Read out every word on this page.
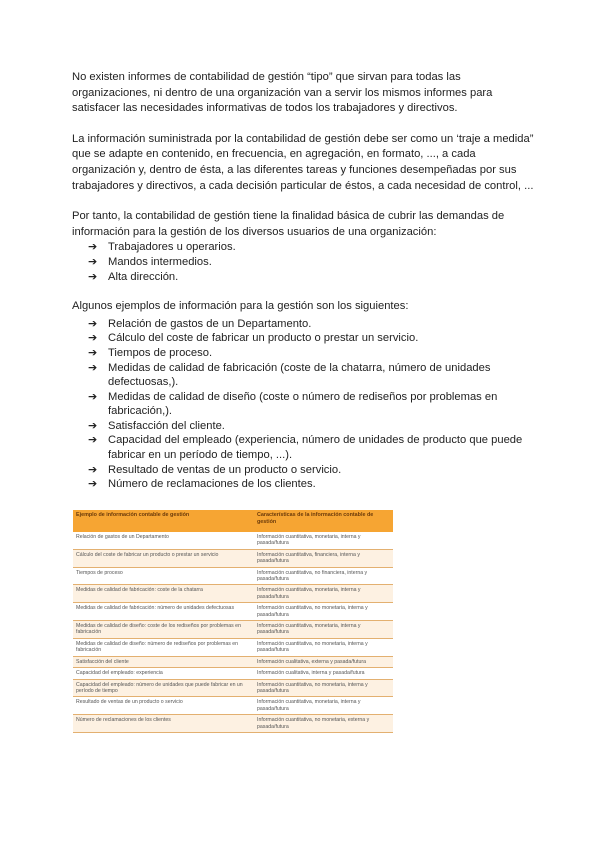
No existen informes de contabilidad de gestión “tipo” que sirvan para todas las organizaciones, ni dentro de una organización van a servir los mismos informes para satisfacer las necesidades informativas de todos los trabajadores y directivos.

La información suministrada por la contabilidad de gestión debe ser como un ‘traje a medida” que se adapte en contenido, en frecuencia, en agregación, en formato, ..., a cada organización y, dentro de ésta, a las diferentes tareas y funciones desempeñadas por sus trabajadores y directivos, a cada decisión particular de éstos, a cada necesidad de control, ...

Por tanto, la contabilidad de gestión tiene la finalidad básica de cubrir las demandas de información para la gestión de los diversos usuarios de una organización:

➔ Trabajadores u operarios.
➔ Mandos intermedios.
➔ Alta dirección.

Algunos ejemplos de información para la gestión son los siguientes:

➔ Relación de gastos de un Departamento.
➔ Cálculo del coste de fabricar un producto o prestar un servicio.
➔ Tiempos de proceso.
➔ Medidas de calidad de fabricación (coste de la chatarra, número de unidades defectuosas,).
➔ Medidas de calidad de diseño (coste o número de rediseños por problemas en fabricación,).
➔ Satisfacción del cliente.
➔ Capacidad del empleado (experiencia, número de unidades de producto que puede fabricar en un período de tiempo, ...).
➔ Resultado de ventas de un producto o servicio.
➔ Número de reclamaciones de los clientes.
Ejemplo de información contable de gestión	Características de la información contable de gestión
Relación de gastos de un Departamento	Información cuantitativa, monetaria, interna y pasada/futura
Cálculo del coste de fabricar un producto o prestar un servicio	Información cuantitativa, financiera, interna y pasada/futura
Tiempos de proceso	Información cuantitativa, no financiera, interna y pasada/futura
Medidas de calidad de fabricación: coste de la chatarra	Información cuantitativa, monetaria, interna y pasada/futura
Medidas de calidad de fabricación: número de unidades defectuosas	Información cuantitativa, no monetaria, interna y pasada/futura
Medidas de calidad de diseño: coste de los rediseños por problemas en fabricación	Información cuantitativa, monetaria, interna y pasada/futura
Medidas de calidad de diseño: número de rediseños por problemas en fabricación	Información cuantitativa, no monetaria, interna y pasada/futura
Satisfacción del cliente	Información cualitativa, externa y pasada/futura
Capacidad del empleado: experiencia	Información cualitativa, interna y pasada/futura
Capacidad del empleado: número de unidades que puede fabricar en un período de tiempo	Información cuantitativa, no monetaria, interna y pasada/futura
Resultado de ventas de un producto o servicio	Información cuantitativa, monetaria, interna y pasada/futura
Número de reclamaciones de los clientes	Información cuantitativa, no monetaria, externa y pasada/futura
